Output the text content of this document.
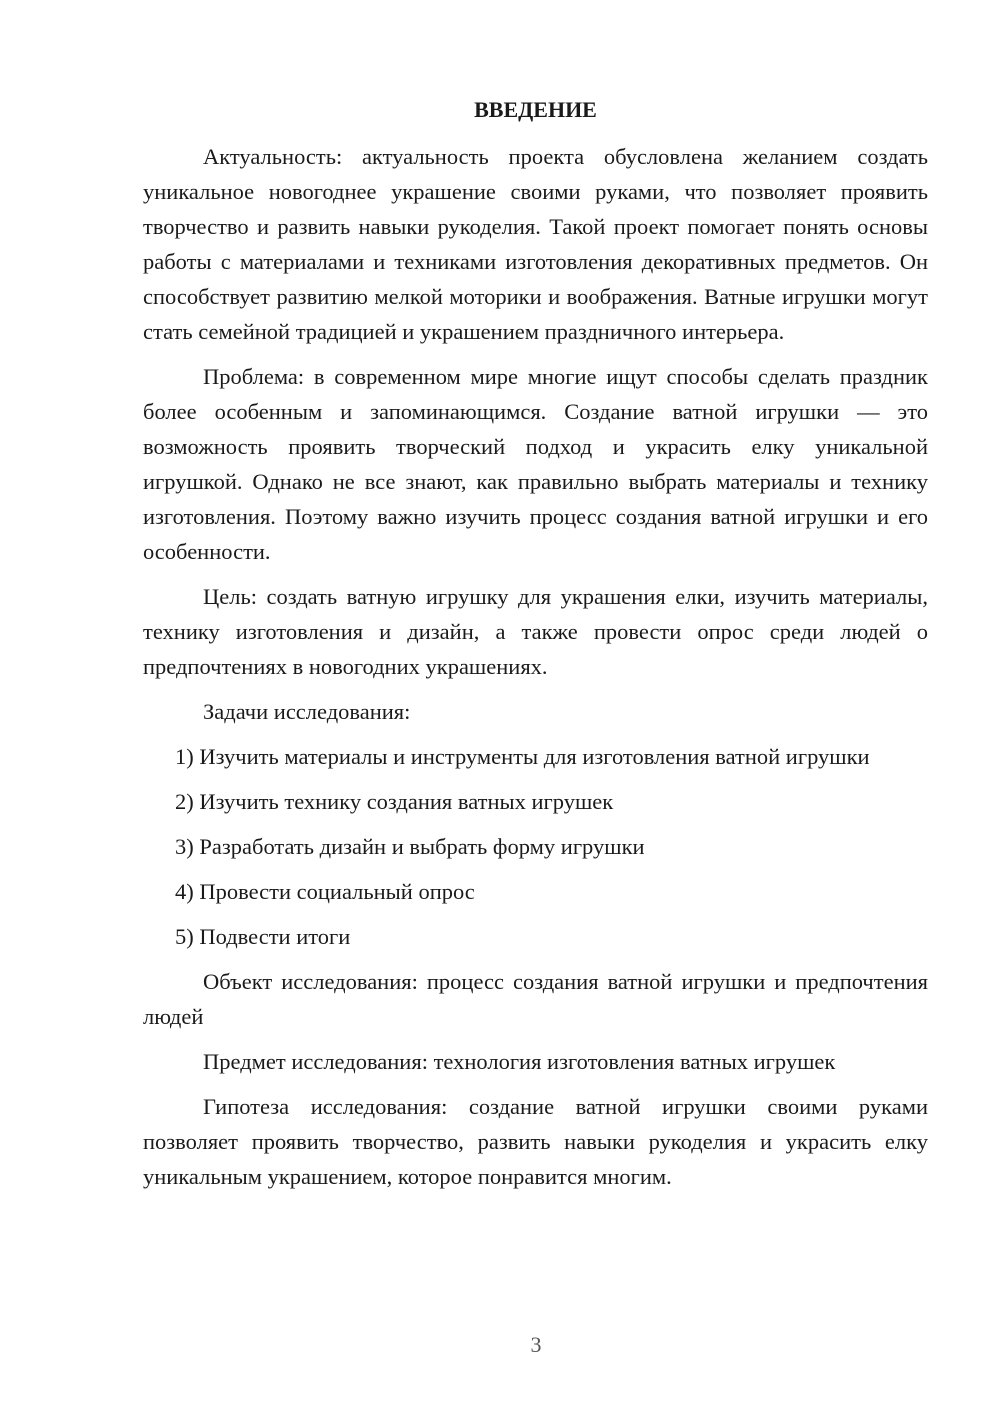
ВВЕДЕНИЕ

Актуальность: актуальность проекта обусловлена желанием создать уникальное новогоднее украшение своими руками, что позволяет проявить творчество и развить навыки рукоделия. Такой проект помогает понять основы работы с материалами и техниками изготовления декоративных предметов. Он способствует развитию мелкой моторики и воображения. Ватные игрушки могут стать семейной традицией и украшением праздничного интерьера.

Проблема: в современном мире многие ищут способы сделать праздник более особенным и запоминающимся. Создание ватной игрушки — это возможность проявить творческий подход и украсить елку уникальной игрушкой. Однако не все знают, как правильно выбрать материалы и технику изготовления. Поэтому важно изучить процесс создания ватной игрушки и его особенности.

Цель: создать ватную игрушку для украшения елки, изучить материалы, технику изготовления и дизайн, а также провести опрос среди людей о предпочтениях в новогодних украшениях.

Задачи исследования:

1) Изучить материалы и инструменты для изготовления ватной игрушки

2) Изучить технику создания ватных игрушек

3) Разработать дизайн и выбрать форму игрушки

4) Провести социальный опрос

5) Подвести итоги

Объект исследования: процесс создания ватной игрушки и предпочтения людей

Предмет исследования: технология изготовления ватных игрушек

Гипотеза исследования: создание ватной игрушки своими руками позволяет проявить творчество, развить навыки рукоделия и украсить елку уникальным украшением, которое понравится многим.

3
